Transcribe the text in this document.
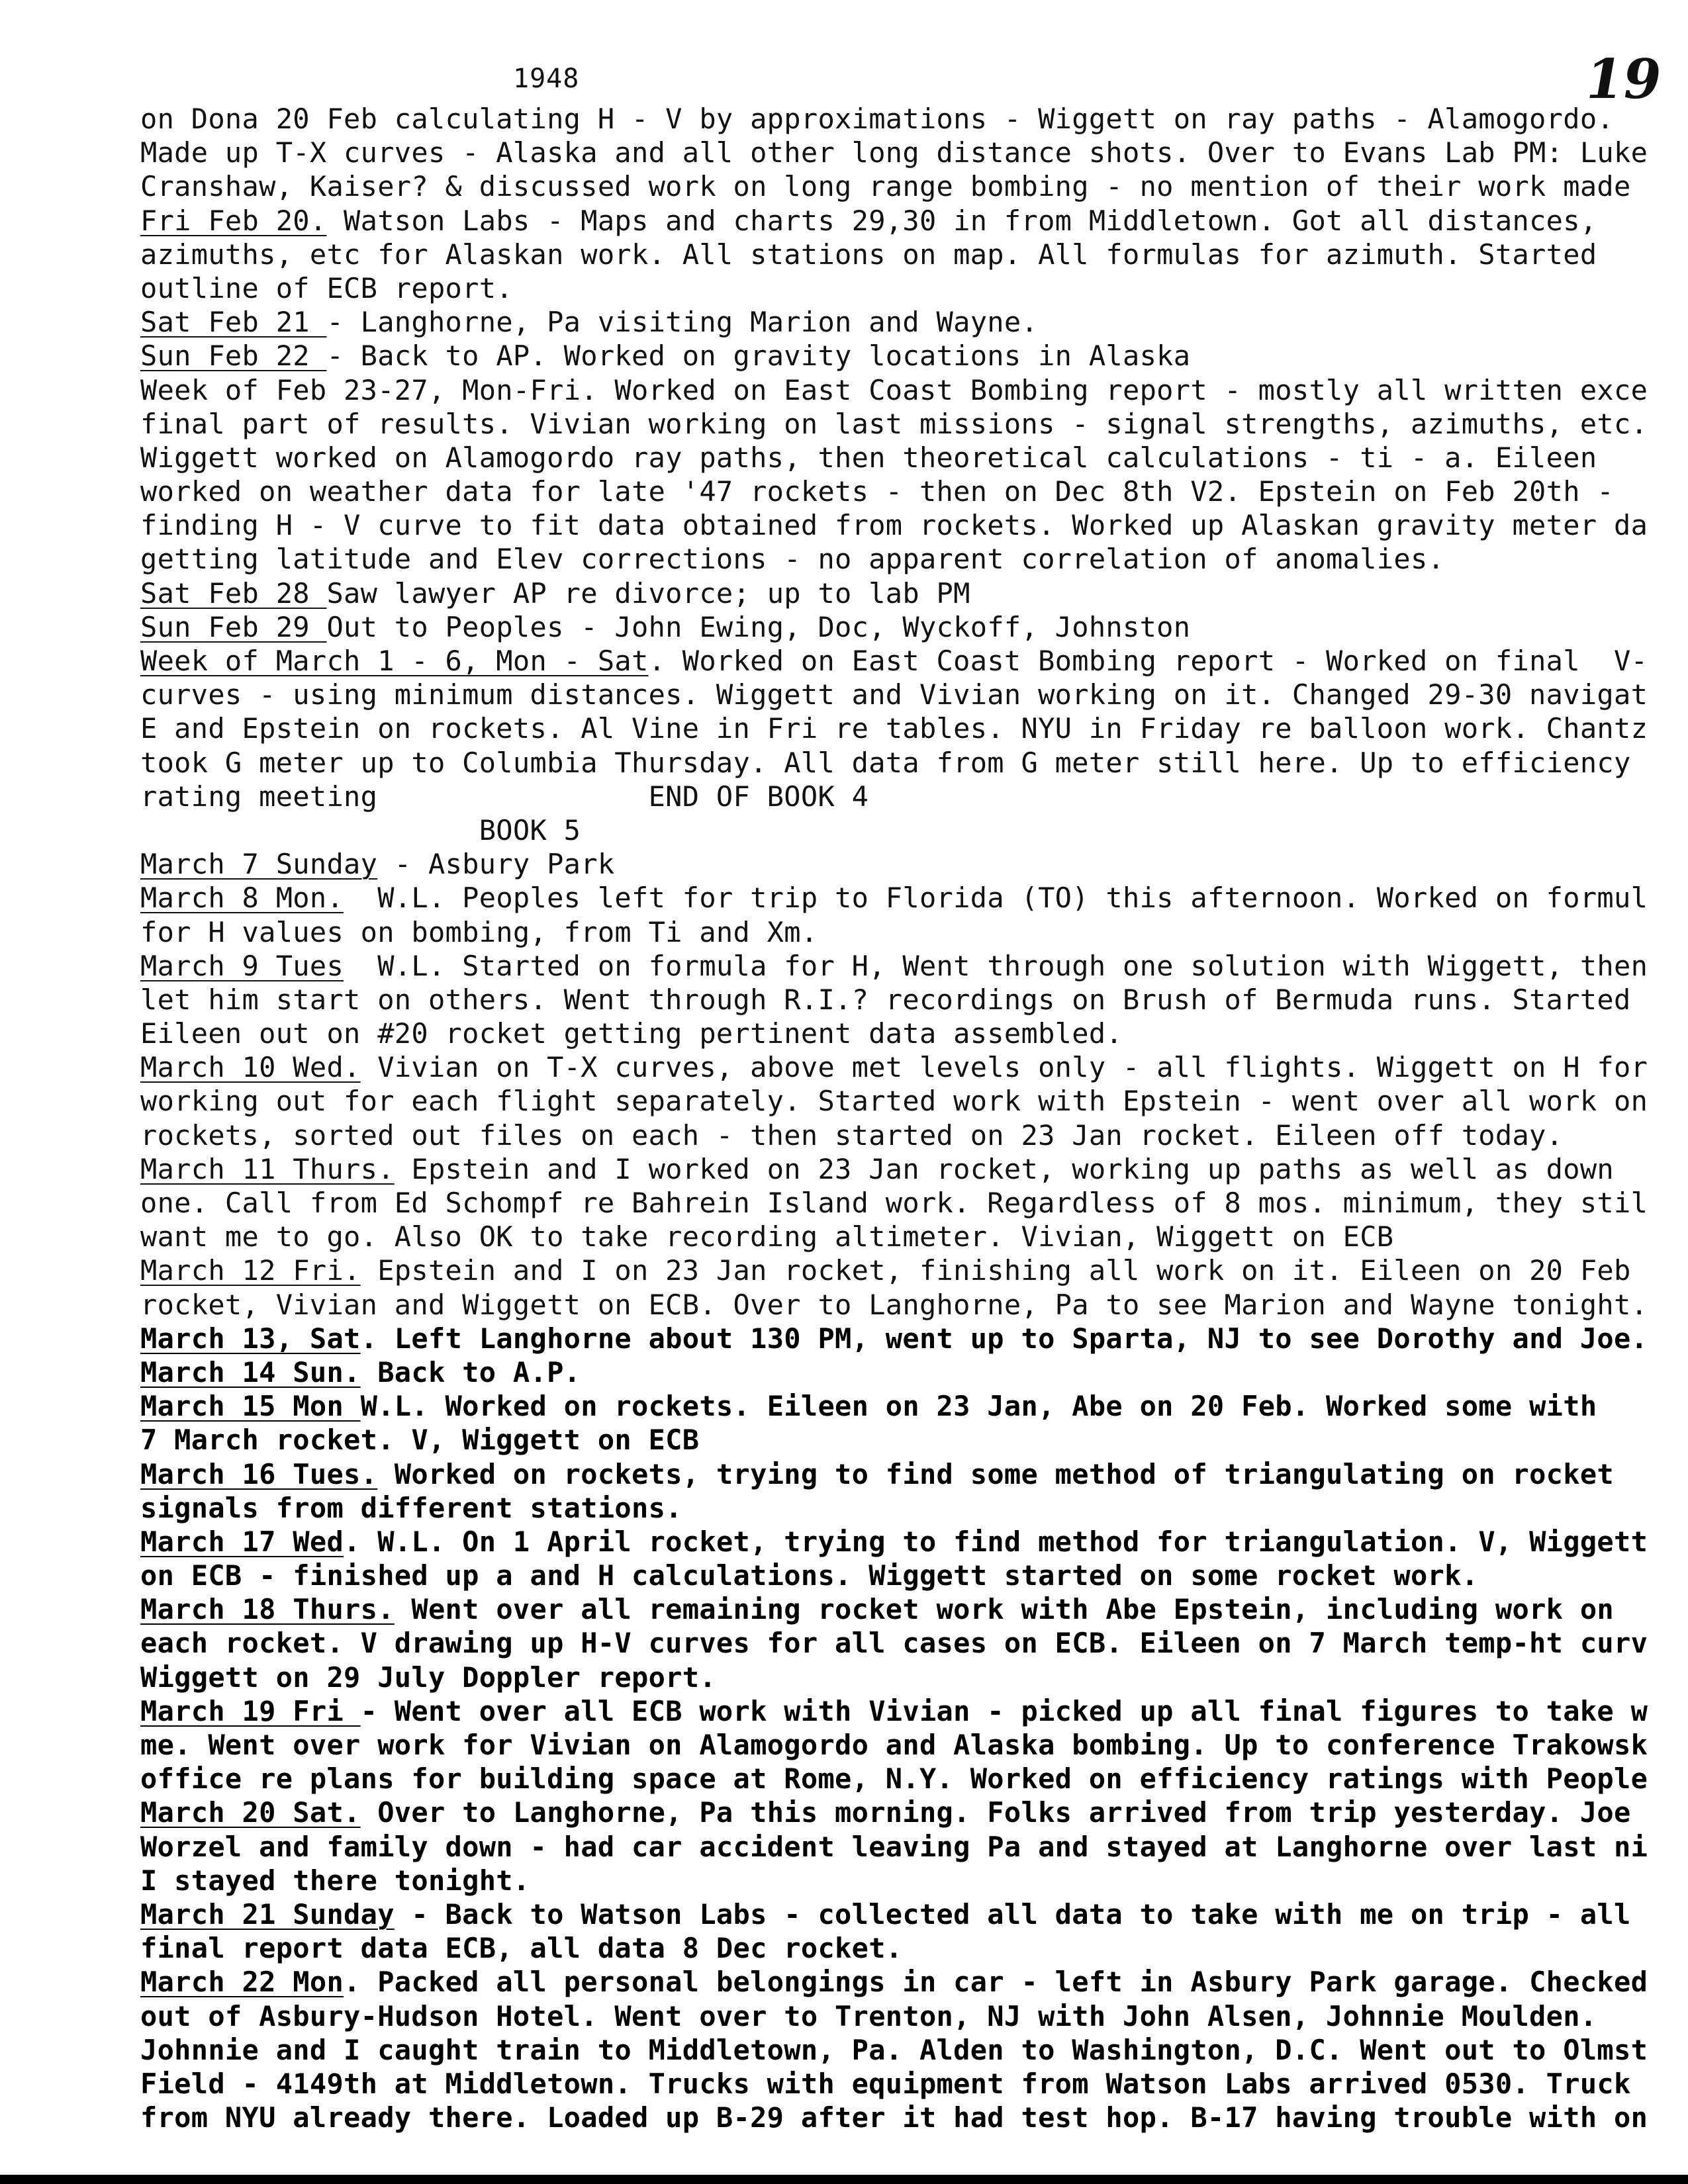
1948	19
on Dona 20 Feb calculating H - V by approximations - Wiggett on ray paths - Alamogordo.
Made up T-X curves - Alaska and all other long distance shots. Over to Evans Lab PM: Luke
Cranshaw, Kaiser? & discussed work on long range bombing - no mention of their work made
Fri Feb 20. Watson Labs - Maps and charts 29,30 in from Middletown. Got all distances,
azimuths, etc for Alaskan work. All stations on map. All formulas for azimuth. Started
outline of ECB report.
Sat Feb 21 - Langhorne, Pa visiting Marion and Wayne.
Sun Feb 22 - Back to AP. Worked on gravity locations in Alaska
Week of Feb 23-27, Mon-Fri. Worked on East Coast Bombing report - mostly all written exce
final part of results. Vivian working on last missions - signal strengths, azimuths, etc.
Wiggett worked on Alamogordo ray paths, then theoretical calculations - ti - a. Eileen
worked on weather data for late '47 rockets - then on Dec 8th V2. Epstein on Feb 20th -
finding H - V curve to fit data obtained from rockets. Worked up Alaskan gravity meter da
getting latitude and Elev corrections - no apparent correlation of anomalies.
Sat Feb 28 Saw lawyer AP re divorce; up to lab PM
Sun Feb 29 Out to Peoples - John Ewing, Doc, Wyckoff, Johnston
Week of March 1 - 6, Mon - Sat. Worked on East Coast Bombing report - Worked on final  V-
curves - using minimum distances. Wiggett and Vivian working on it. Changed 29-30 navigat
E and Epstein on rockets. Al Vine in Fri re tables. NYU in Friday re balloon work. Chantz
took G meter up to Columbia Thursday. All data from G meter still here. Up to efficiency
rating meeting                END OF BOOK 4
BOOK 5
March 7 Sunday - Asbury Park
March 8 Mon.  W.L. Peoples left for trip to Florida (TO) this afternoon. Worked on formul
for H values on bombing, from Ti and Xm.
March 9 Tues  W.L. Started on formula for H, Went through one solution with Wiggett, then
let him start on others. Went through R.I.? recordings on Brush of Bermuda runs. Started
Eileen out on #20 rocket getting pertinent data assembled.
March 10 Wed. Vivian on T-X curves, above met levels only - all flights. Wiggett on H for
working out for each flight separately. Started work with Epstein - went over all work on
rockets, sorted out files on each - then started on 23 Jan rocket. Eileen off today.
March 11 Thurs. Epstein and I worked on 23 Jan rocket, working up paths as well as down
one. Call from Ed Schompf re Bahrein Island work. Regardless of 8 mos. minimum, they stil
want me to go. Also OK to take recording altimeter. Vivian, Wiggett on ECB
March 12 Fri. Epstein and I on 23 Jan rocket, finishing all work on it. Eileen on 20 Feb
rocket, Vivian and Wiggett on ECB. Over to Langhorne, Pa to see Marion and Wayne tonight.
March 13, Sat. Left Langhorne about 130 PM, went up to Sparta, NJ to see Dorothy and Joe.
March 14 Sun. Back to A.P.
March 15 Mon W.L. Worked on rockets. Eileen on 23 Jan, Abe on 20 Feb. Worked some with
7 March rocket. V, Wiggett on ECB
March 16 Tues. Worked on rockets, trying to find some method of triangulating on rocket
signals from different stations.
March 17 Wed. W.L. On 1 April rocket, trying to find method for triangulation. V, Wiggett
on ECB - finished up a and H calculations. Wiggett started on some rocket work.
March 18 Thurs. Went over all remaining rocket work with Abe Epstein, including work on
each rocket. V drawing up H-V curves for all cases on ECB. Eileen on 7 March temp-ht curv
Wiggett on 29 July Doppler report.
March 19 Fri - Went over all ECB work with Vivian - picked up all final figures to take w
me. Went over work for Vivian on Alamogordo and Alaska bombing. Up to conference Trakowsk
office re plans for building space at Rome, N.Y. Worked on efficiency ratings with People
March 20 Sat. Over to Langhorne, Pa this morning. Folks arrived from trip yesterday. Joe
Worzel and family down - had car accident leaving Pa and stayed at Langhorne over last ni
I stayed there tonight.
March 21 Sunday - Back to Watson Labs - collected all data to take with me on trip - all
final report data ECB, all data 8 Dec rocket.
March 22 Mon. Packed all personal belongings in car - left in Asbury Park garage. Checked
out of Asbury-Hudson Hotel. Went over to Trenton, NJ with John Alsen, Johnnie Moulden.
Johnnie and I caught train to Middletown, Pa. Alden to Washington, D.C. Went out to Olmst
Field - 4149th at Middletown. Trucks with equipment from Watson Labs arrived 0530. Truck
from NYU already there. Loaded up B-29 after it had test hop. B-17 having trouble with on
